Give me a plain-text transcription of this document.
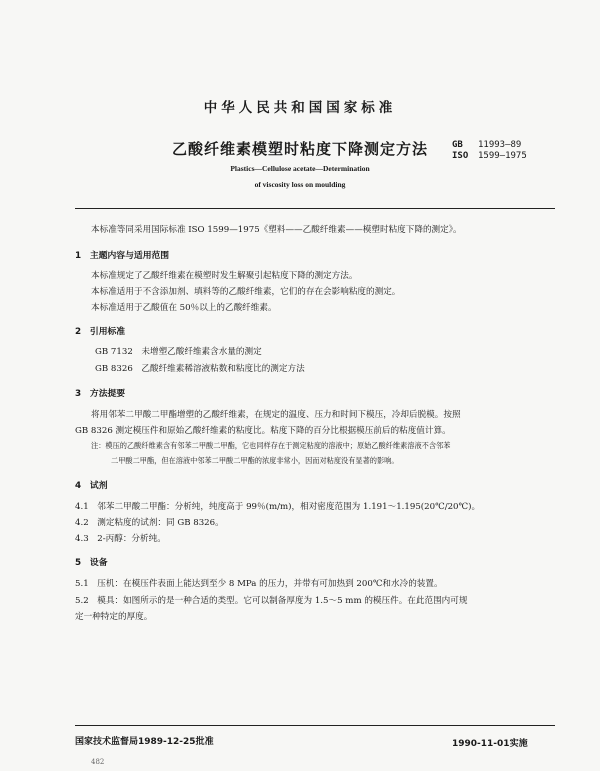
中华人民共和国国家标准
乙酸纤维素模塑时粘度下降测定方法	GB 11993—89
ISO 1599—1975
Plastics—Cellulose acetate—Determination
of viscosity loss on moulding
本标准等同采用国际标准 ISO 1599—1975《塑料——乙酸纤维素——模塑时粘度下降的测定》。
1　主题内容与适用范围
本标准规定了乙酸纤维素在模塑时发生解聚引起粘度下降的测定方法。
本标准适用于不含添加剂、填料等的乙酸纤维素，它们的存在会影响粘度的测定。
本标准适用于乙酸值在 50％以上的乙酸纤维素。
2　引用标准
GB 7132　未增塑乙酸纤维素含水量的测定
GB 8326　乙酸纤维素稀溶液粘数和粘度比的测定方法
3　方法提要
将用邻苯二甲酸二甲酯增塑的乙酸纤维素，在规定的温度、压力和时间下模压，冷却后脱模。按照
GB 8326 测定模压件和原始乙酸纤维素的粘度比。粘度下降的百分比根据模压前后的粘度值计算。
注：模压的乙酸纤维素含有邻苯二甲酸二甲酯，它也同样存在于测定粘度的溶液中；原始乙酸纤维素溶液不含邻苯
二甲酸二甲酯，但在溶液中邻苯二甲酸二甲酯的浓度非常小，因而对粘度没有显著的影响。
4　试剂
4.1　邻苯二甲酸二甲酯：分析纯，纯度高于 99％(m/m)，相对密度范围为 1.191～1.195(20℃/20℃)。
4.2　测定粘度的试剂：同 GB 8326。
4.3　2-丙醇：分析纯。
5　设备
5.1　压机：在模压件表面上能达到至少 8 MPa 的压力，并带有可加热到 200℃和水冷的装置。
5.2　模具：如图所示的是一种合适的类型。它可以制备厚度为 1.5～5 mm 的模压件。在此范围内可规
定一种特定的厚度。
国家技术监督局1989-12-25批准	1990-11-01实施
482
